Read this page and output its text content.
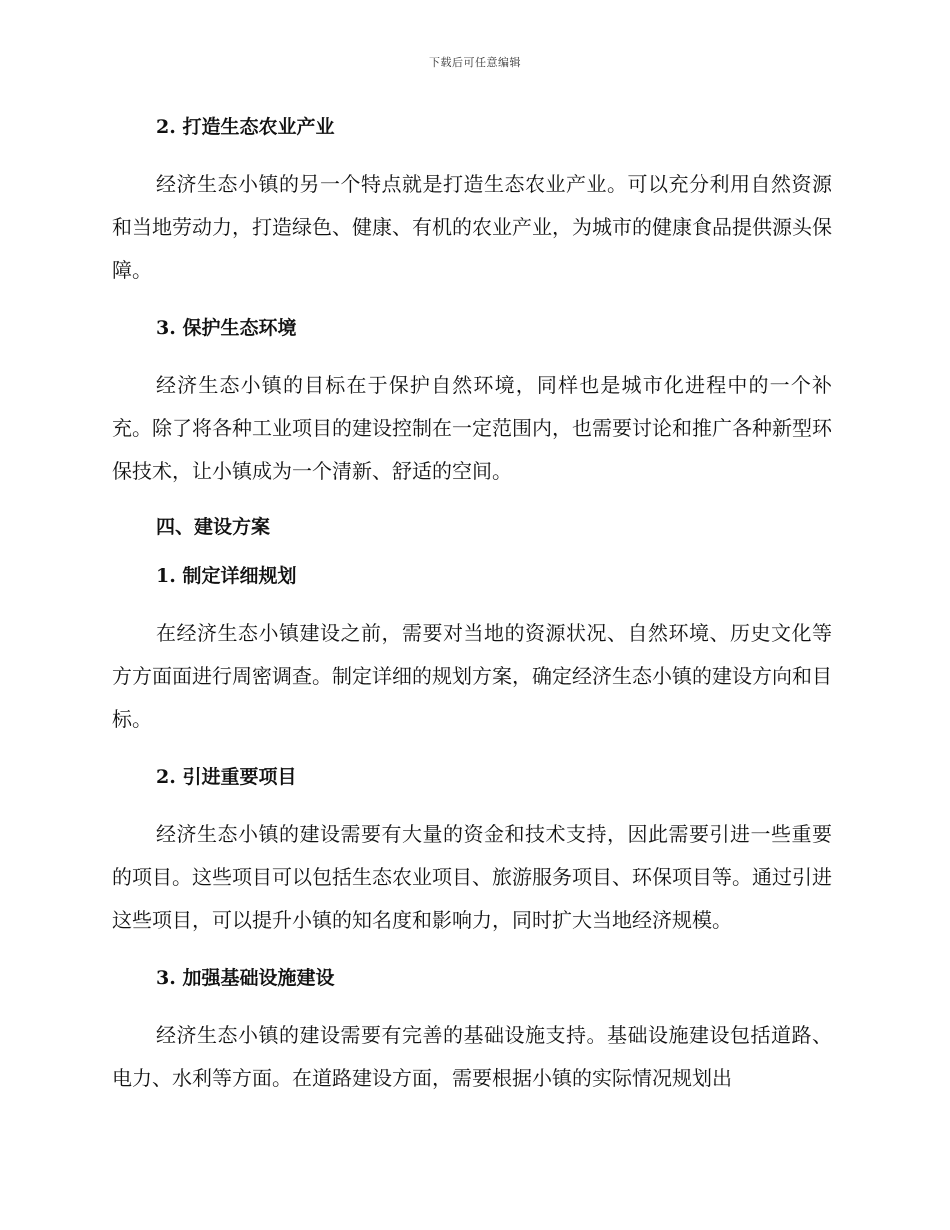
下载后可任意编辑
2. 打造生态农业产业

经济生态小镇的另一个特点就是打造生态农业产业。可以充分利用自然资源和当地劳动力，打造绿色、健康、有机的农业产业，为城市的健康食品提供源头保障。

3. 保护生态环境

经济生态小镇的目标在于保护自然环境，同样也是城市化进程中的一个补充。除了将各种工业项目的建设控制在一定范围内，也需要讨论和推广各种新型环保技术，让小镇成为一个清新、舒适的空间。

四、建设方案
1. 制定详细规划

在经济生态小镇建设之前，需要对当地的资源状况、自然环境、历史文化等方方面面进行周密调查。制定详细的规划方案，确定经济生态小镇的建设方向和目标。

2. 引进重要项目

经济生态小镇的建设需要有大量的资金和技术支持，因此需要引进一些重要的项目。这些项目可以包括生态农业项目、旅游服务项目、环保项目等。通过引进这些项目，可以提升小镇的知名度和影响力，同时扩大当地经济规模。

3. 加强基础设施建设

经济生态小镇的建设需要有完善的基础设施支持。基础设施建设包括道路、电力、水利等方面。在道路建设方面，需要根据小镇的实际情况规划出
